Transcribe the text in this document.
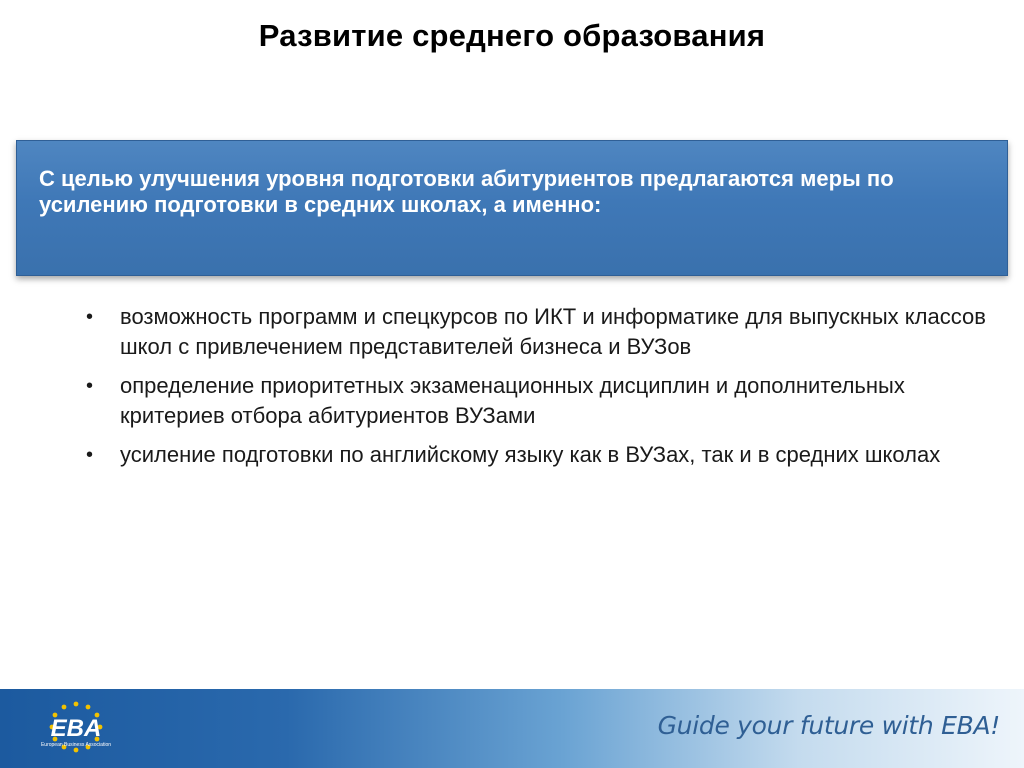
Развитие среднего образования
С целью улучшения уровня подготовки абитуриентов предлагаются меры по усилению подготовки в средних школах, а именно:
• возможность программ и спецкурсов по ИКТ и информатике для выпускных классов школ с привлечением представителей бизнеса и ВУЗов
• определение приоритетных экзаменационных дисциплин и дополнительных критериев отбора абитуриентов ВУЗами
• усиление подготовки по английскому языку как в ВУЗах, так и в средних школах
EBA
European Business Association
Guide your future with EBA!
